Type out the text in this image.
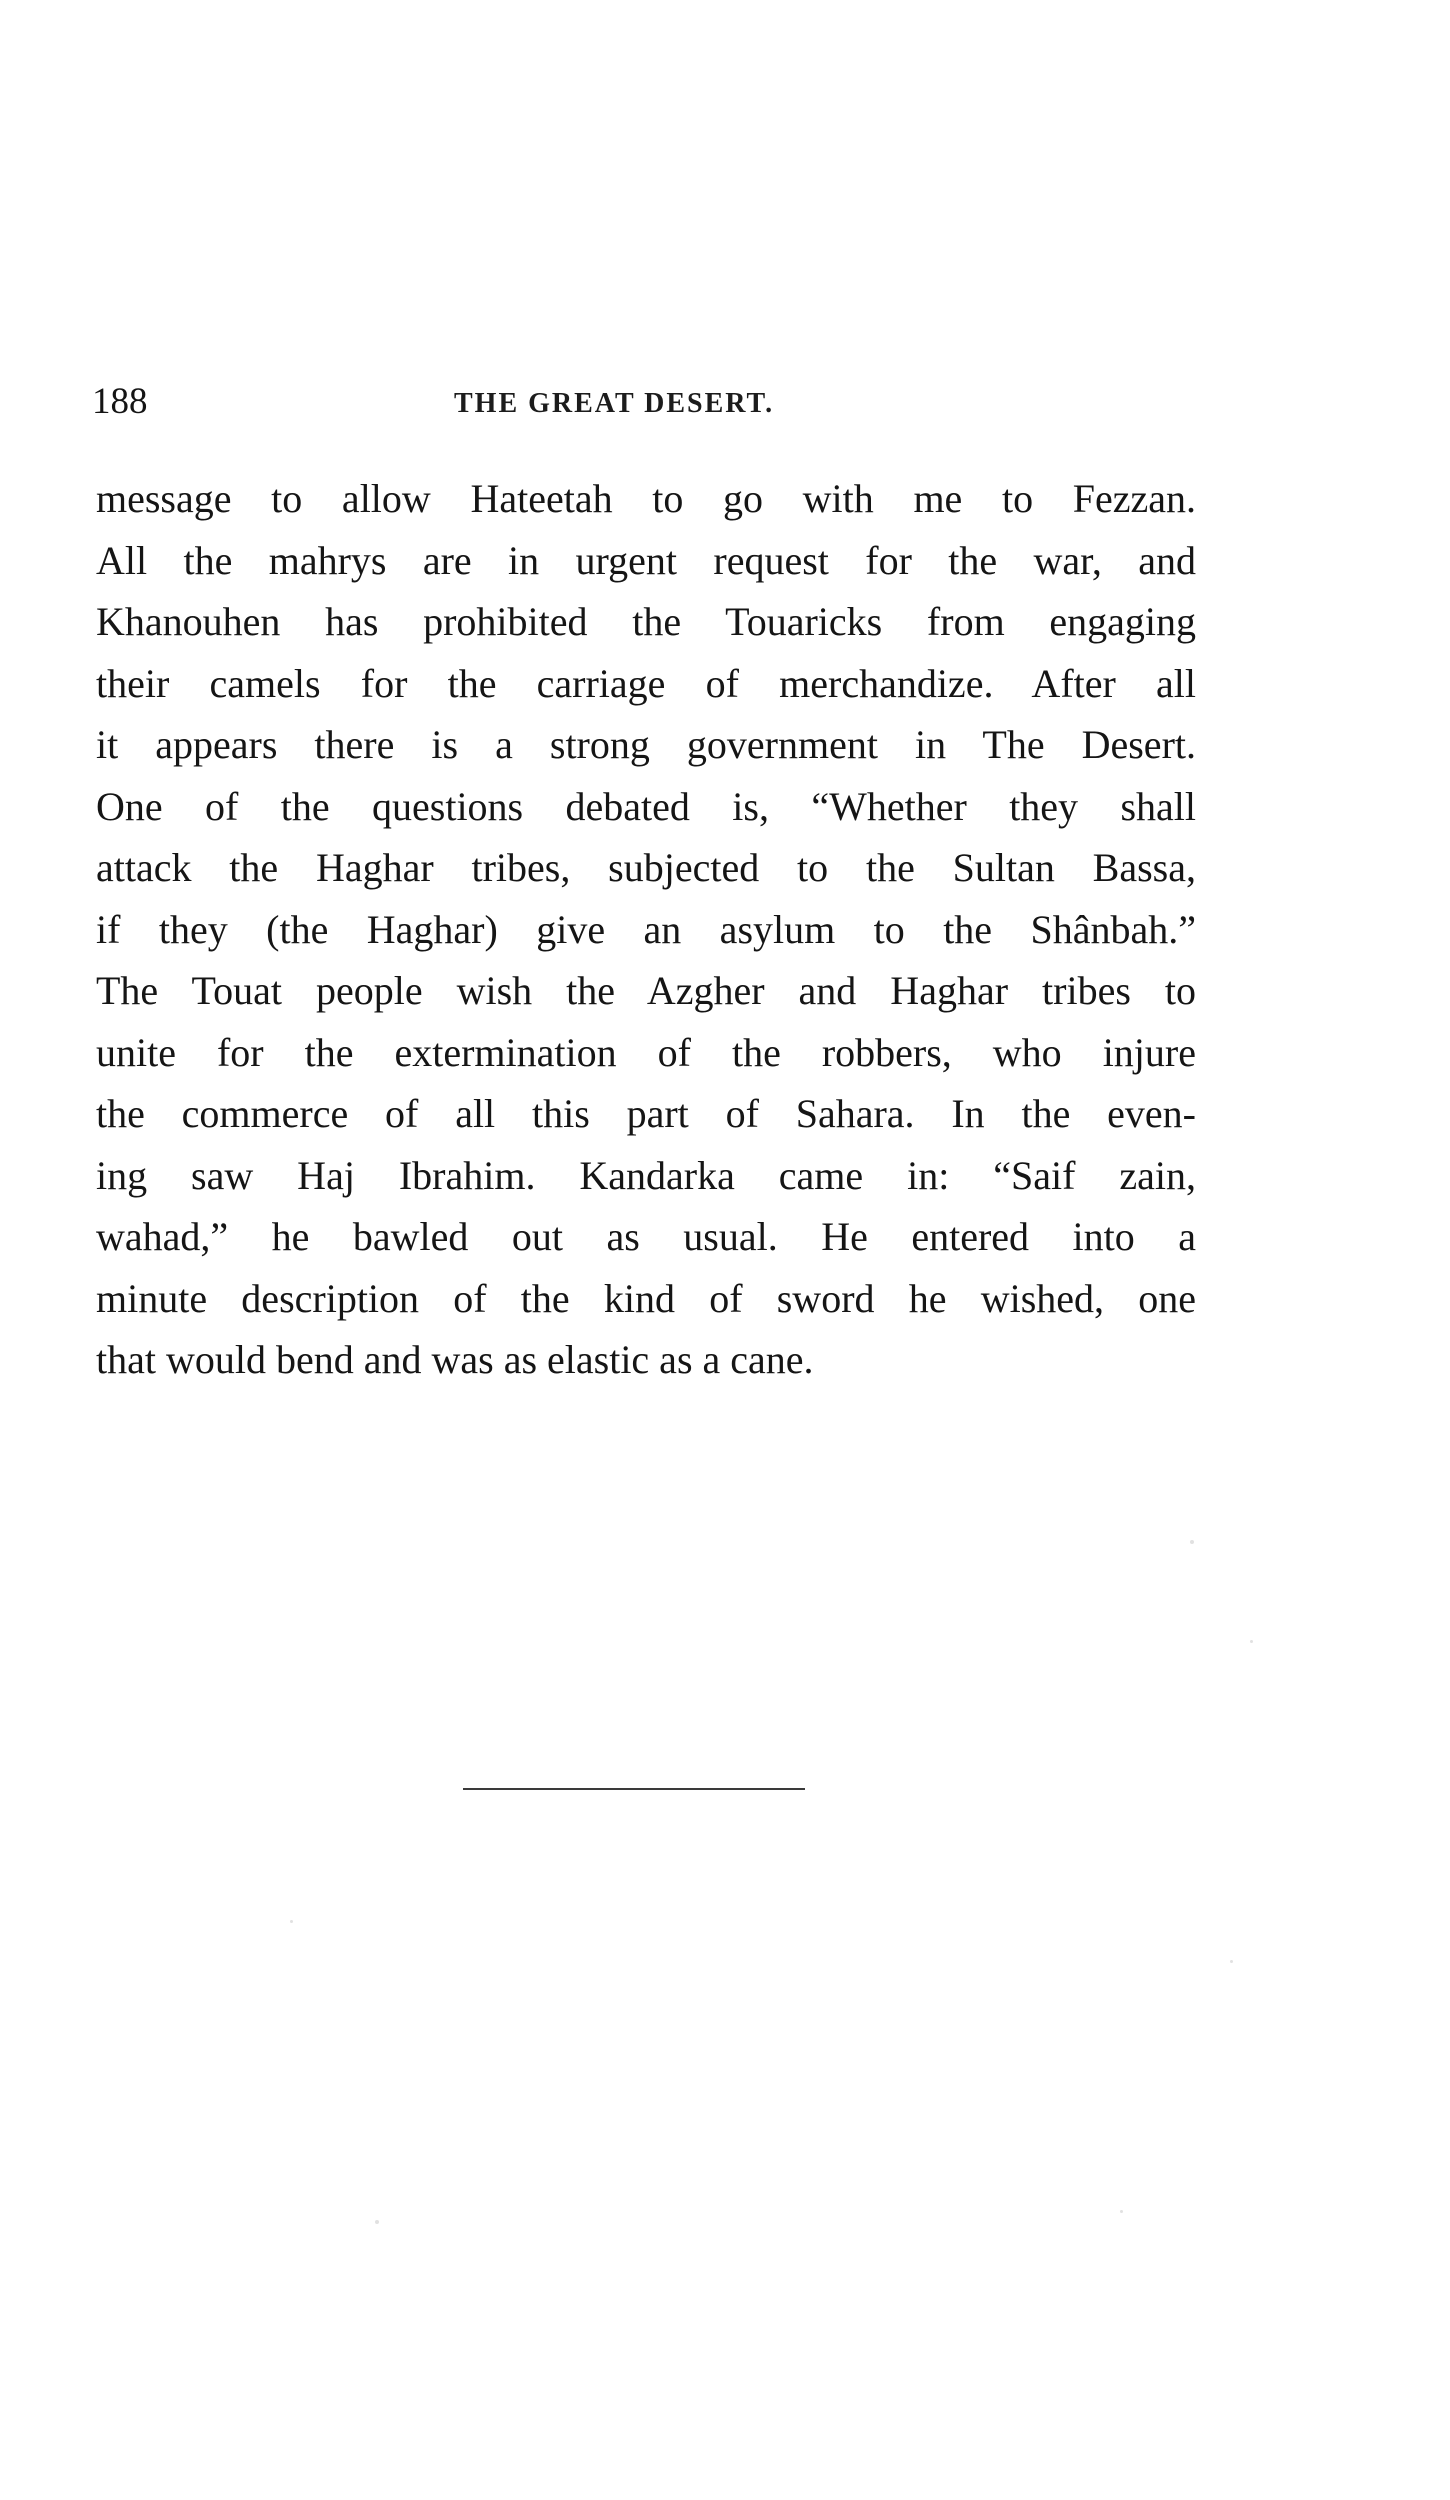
188	THE GREAT DESERT.
message to allow Hateetah to go with me to Fezzan.
All the mahrys are in urgent request for the war, and
Khanouhen has prohibited the Touaricks from engaging
their camels for the carriage of merchandize. After all
it appears there is a strong government in The Desert.
One of the questions debated is, “Whether they shall
attack the Haghar tribes, subjected to the Sultan Bassa,
if they (the Haghar) give an asylum to the Shânbah.”
The Touat people wish the Azgher and Haghar tribes to
unite for the extermination of the robbers, who injure
the commerce of all this part of Sahara. In the even-
ing saw Haj Ibrahim. Kandarka came in: “Saif zain,
wahad,” he bawled out as usual. He entered into a
minute description of the kind of sword he wished, one
that would bend and was as elastic as a cane.
